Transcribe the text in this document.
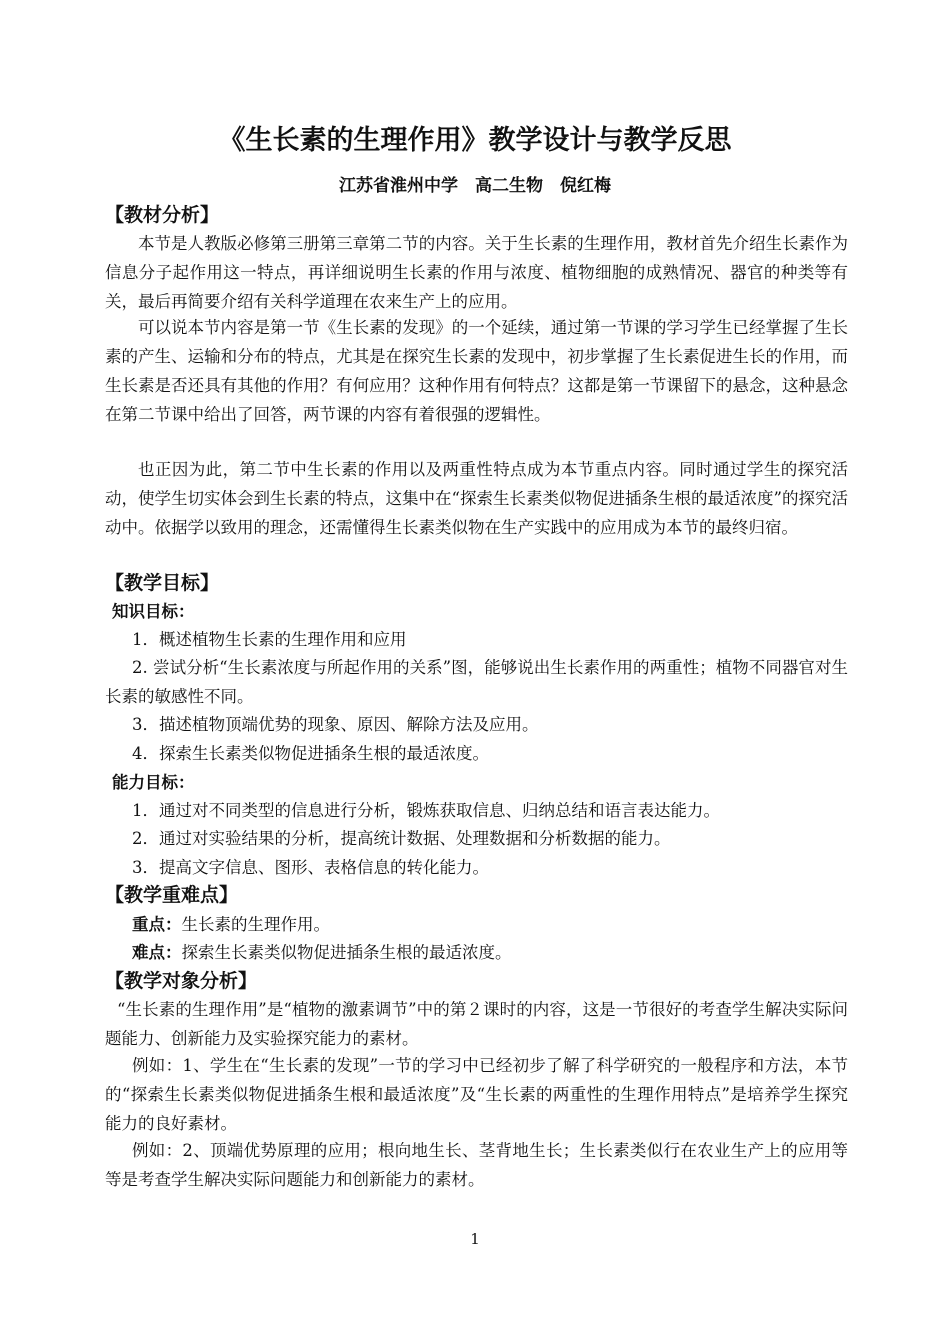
《生长素的生理作用》教学设计与教学反思
江苏省淮州中学　高二生物　倪红梅
【教材分析】
本节是人教版必修第三册第三章第二节的内容。关于生长素的生理作用，教材首先介绍生长素作为信息分子起作用这一特点，再详细说明生长素的作用与浓度、植物细胞的成熟情况、器官的种类等有关，最后再简要介绍有关科学道理在农来生产上的应用。
可以说本节内容是第一节《生长素的发现》的一个延续，通过第一节课的学习学生已经掌握了生长素的产生、运输和分布的特点，尤其是在探究生长素的发现中，初步掌握了生长素促进生长的作用，而生长素是否还具有其他的作用？有何应用？这种作用有何特点？这都是第一节课留下的悬念，这种悬念在第二节课中给出了回答，两节课的内容有着很强的逻辑性。
也正因为此，第二节中生长素的作用以及两重性特点成为本节重点内容。同时通过学生的探究活动，使学生切实体会到生长素的特点，这集中在“探索生长素类似物促进插条生根的最适浓度”的探究活动中。依据学以致用的理念，还需懂得生长素类似物在生产实践中的应用成为本节的最终归宿。
【教学目标】
知识目标：
1．概述植物生长素的生理作用和应用
2. 尝试分析“生长素浓度与所起作用的关系”图，能够说出生长素作用的两重性；植物不同器官对生长素的敏感性不同。
3．描述植物顶端优势的现象、原因、解除方法及应用。
4．探索生长素类似物促进插条生根的最适浓度。
能力目标：
1．通过对不同类型的信息进行分析，锻炼获取信息、归纳总结和语言表达能力。
2．通过对实验结果的分析，提高统计数据、处理数据和分析数据的能力。
3．提高文字信息、图形、表格信息的转化能力。
【教学重难点】
重点：生长素的生理作用。
难点：探索生长素类似物促进插条生根的最适浓度。
【教学对象分析】
“生长素的生理作用”是“植物的激素调节”中的第２课时的内容，这是一节很好的考查学生解决实际问题能力、创新能力及实验探究能力的素材。
例如：1、学生在“生长素的发现”一节的学习中已经初步了解了科学研究的一般程序和方法，本节的“探索生长素类似物促进插条生根和最适浓度”及“生长素的两重性的生理作用特点”是培养学生探究能力的良好素材。
例如：2、顶端优势原理的应用；根向地生长、茎背地生长；生长素类似行在农业生产上的应用等等是考查学生解决实际问题能力和创新能力的素材。
1
